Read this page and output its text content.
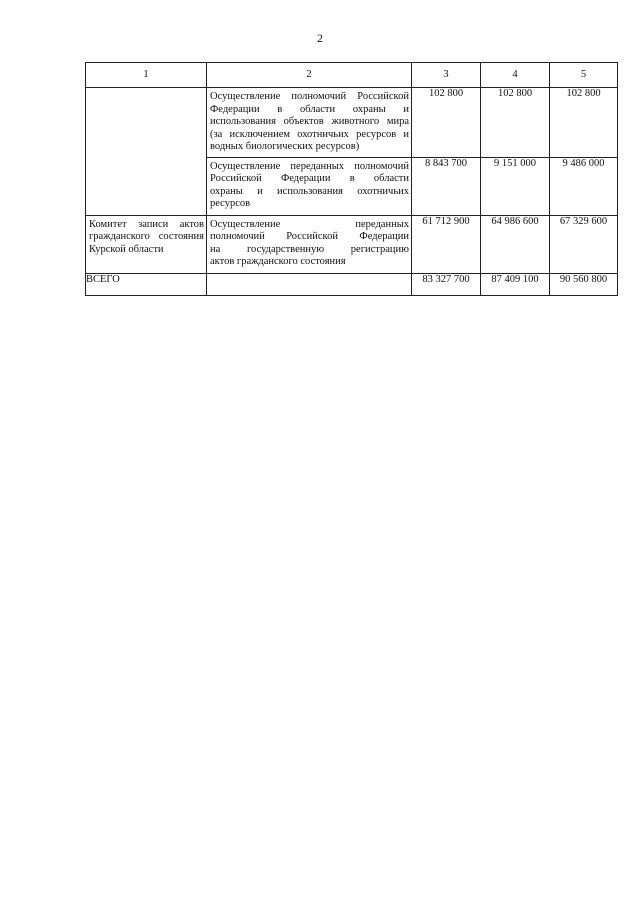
2
1	2	3	4	5

	Осуществление полномочий Российской
Федерации в области охраны и
использования объектов животного мира
(за исключением охотничьих ресурсов и
водных биологических ресурсов)	102 800	102 800	102 800

	Осуществление переданных полномочий
Российской Федерации в области
охраны и использования охотничьих
ресурсов	8 843 700	9 151 000	9 486 000

Комитет записи актов
гражданского состояния
Курской области	Осуществление переданных
полномочий Российской Федерации
на государственную регистрацию
актов гражданского состояния	61 712 900	64 986 600	67 329 600
ВСЕГО		83 327 700	87 409 100	90 560 800
